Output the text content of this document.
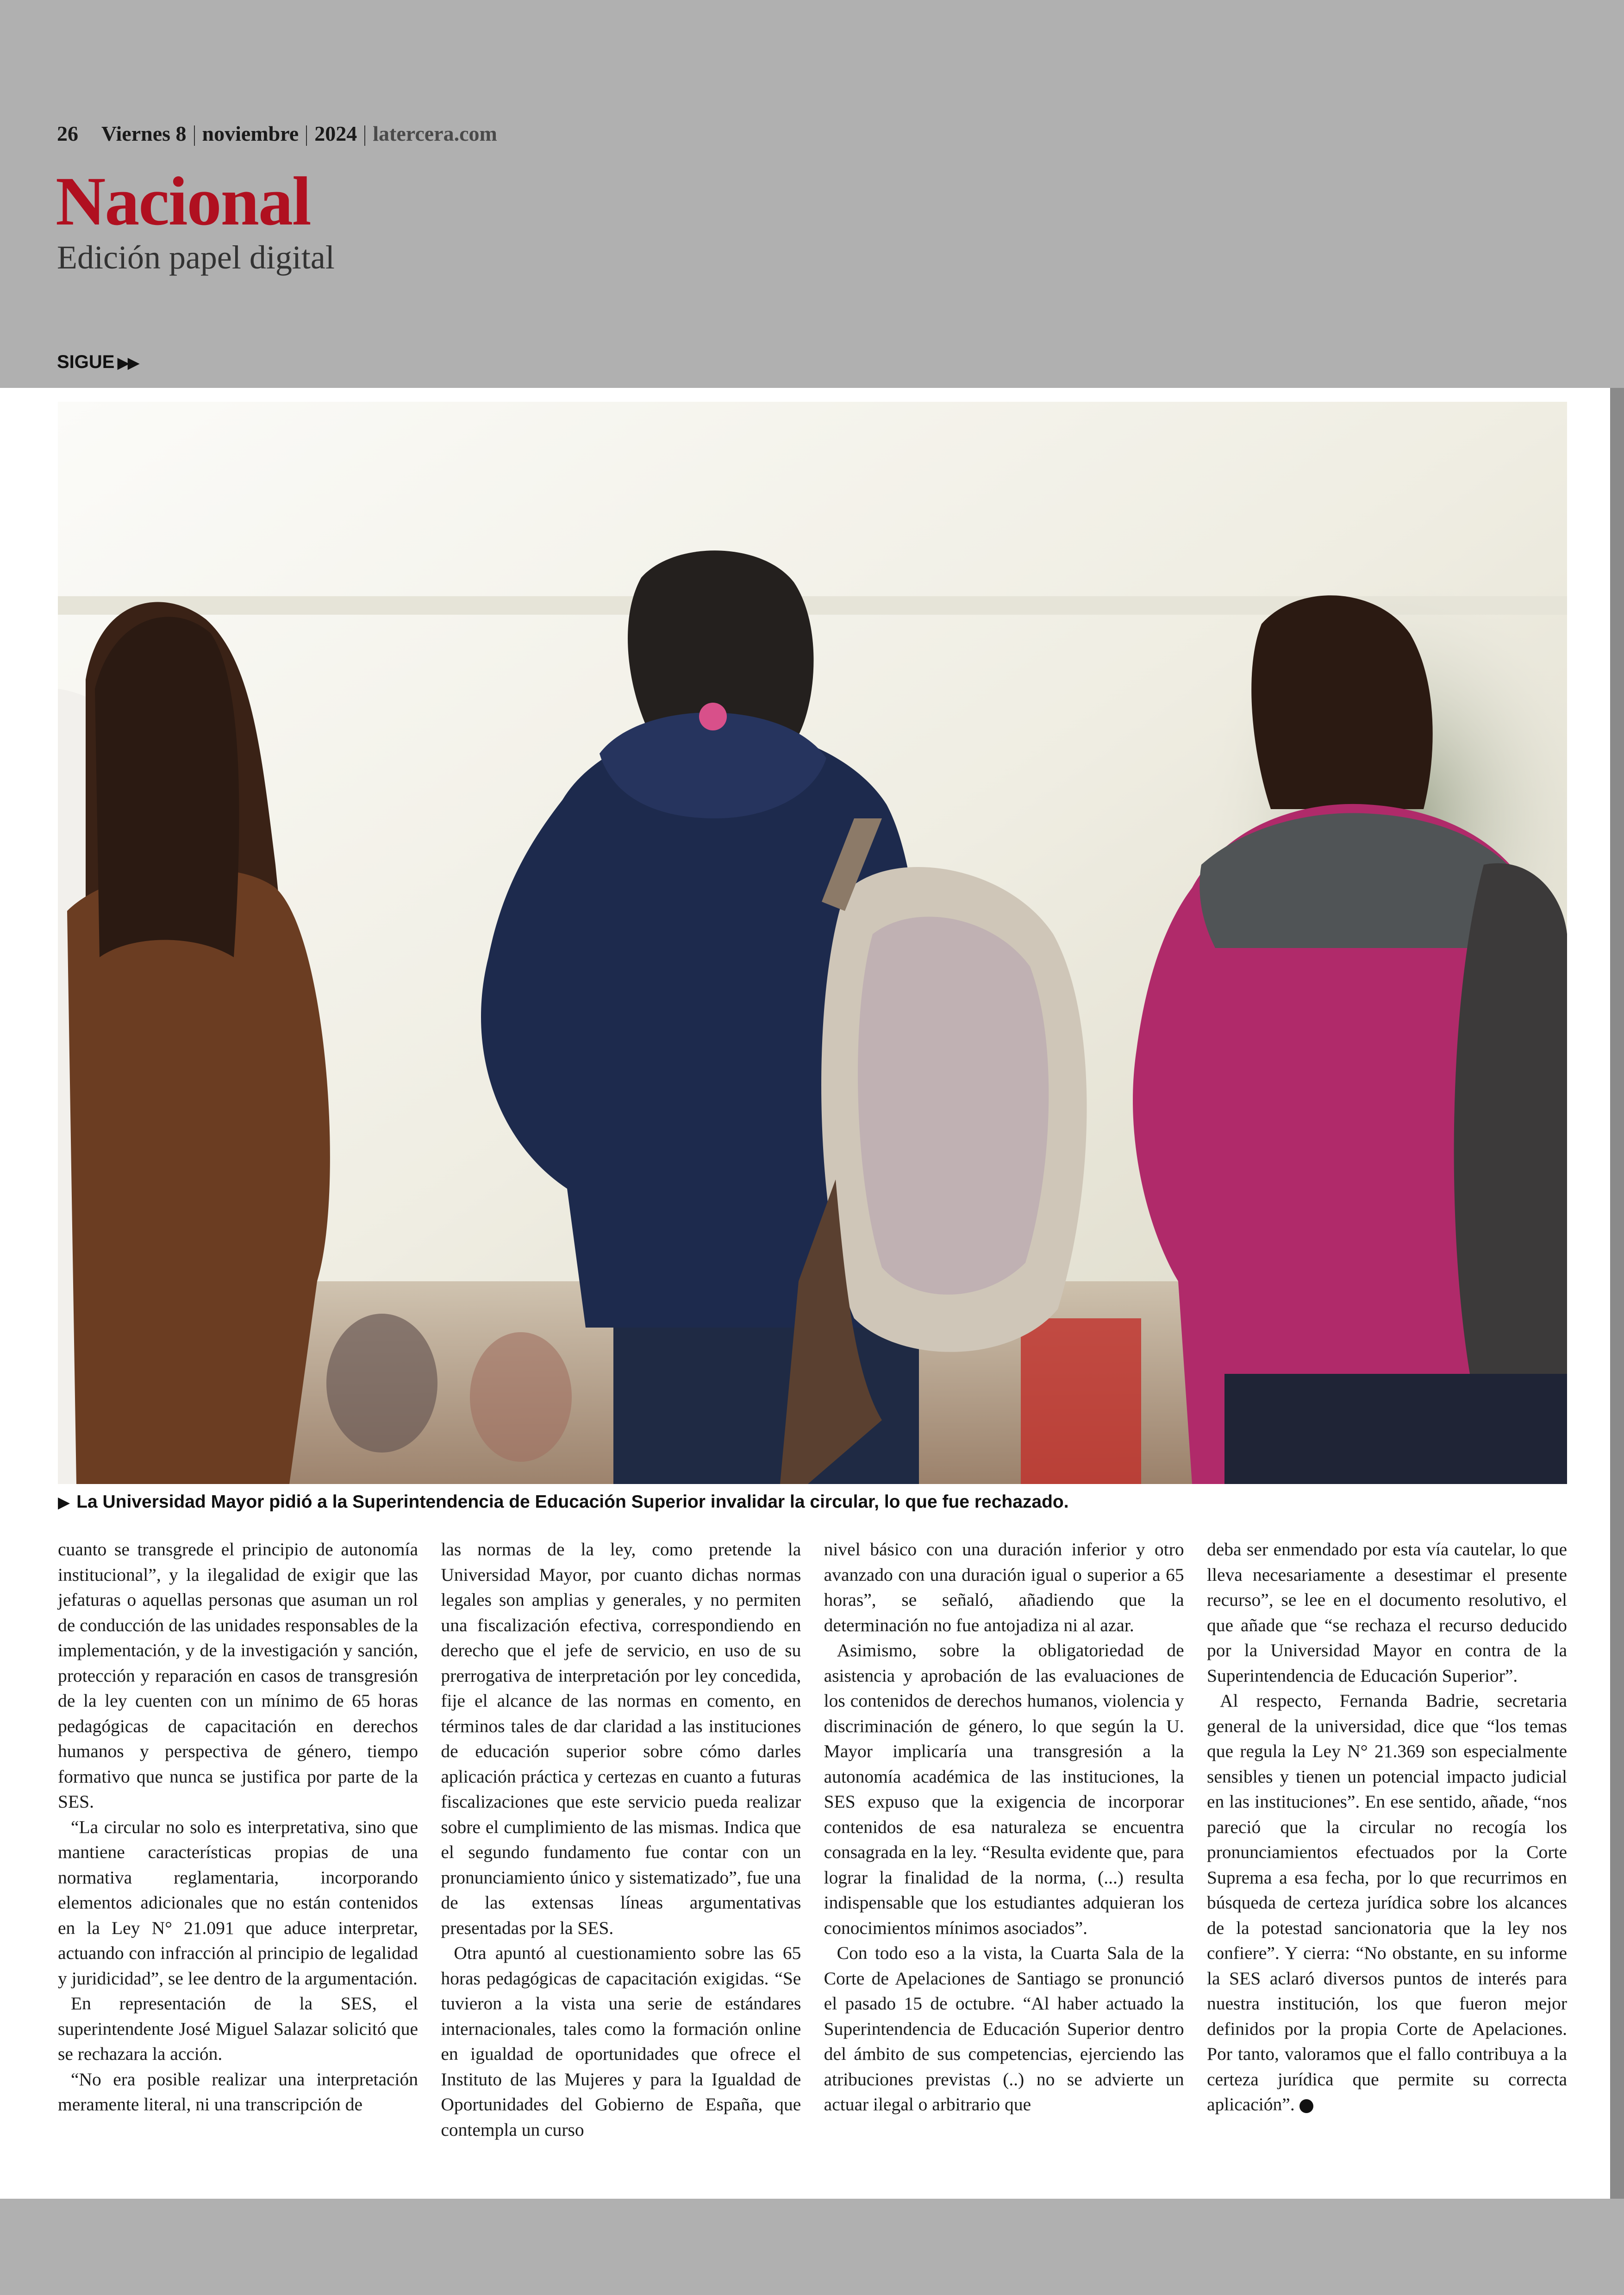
26 Viernes 8 noviembre 2024 latercera.com
Nacional
Edición papel digital
SIGUE ▶▶
▶ La Universidad Mayor pidió a la Superintendencia de Educación Superior invalidar la circular, lo que fue rechazado.

cuanto se transgrede el principio de autonomía institucional”, y la ilegalidad de exigir que las jefaturas o aquellas personas que asuman un rol de conducción de las unidades responsables de la implementación, y de la investigación y sanción, protección y reparación en casos de transgresión de la ley cuenten con un mínimo de 65 horas pedagógicas de capacitación en derechos humanos y perspectiva de género, tiempo formativo que nunca se justifica por parte de la SES.

“La circular no solo es interpretativa, sino que mantiene características propias de una normativa reglamentaria, incorporando elementos adicionales que no están contenidos en la Ley N° 21.091 que aduce interpretar, actuando con infracción al principio de legalidad y juridicidad”, se lee dentro de la argumentación.

En representación de la SES, el superintendente José Miguel Salazar solicitó que se rechazara la acción.

“No era posible realizar una interpretación meramente literal, ni una transcripción de

las normas de la ley, como pretende la Universidad Mayor, por cuanto dichas normas legales son amplias y generales, y no permiten una fiscalización efectiva, correspondiendo en derecho que el jefe de servicio, en uso de su prerrogativa de interpretación por ley concedida, fije el alcance de las normas en comento, en términos tales de dar claridad a las instituciones de educación superior sobre cómo darles aplicación práctica y certezas en cuanto a futuras fiscalizaciones que este servicio pueda realizar sobre el cumplimiento de las mismas. Indica que el segundo fundamento fue contar con un pronunciamiento único y sistematizado”, fue una de las extensas líneas argumentativas presentadas por la SES.

Otra apuntó al cuestionamiento sobre las 65 horas pedagógicas de capacitación exigidas. “Se tuvieron a la vista una serie de estándares internacionales, tales como la formación online en igualdad de oportunidades que ofrece el Instituto de las Mujeres y para la Igualdad de Oportunidades del Gobierno de España, que contempla un curso

nivel básico con una duración inferior y otro avanzado con una duración igual o superior a 65 horas”, se señaló, añadiendo que la determinación no fue antojadiza ni al azar.

Asimismo, sobre la obligatoriedad de asistencia y aprobación de las evaluaciones de los contenidos de derechos humanos, violencia y discriminación de género, lo que según la U. Mayor implicaría una transgresión a la autonomía académica de las instituciones, la SES expuso que la exigencia de incorporar contenidos de esa naturaleza se encuentra consagrada en la ley. “Resulta evidente que, para lograr la finalidad de la norma, (...) resulta indispensable que los estudiantes adquieran los conocimientos mínimos asociados”.

Con todo eso a la vista, la Cuarta Sala de la Corte de Apelaciones de Santiago se pronunció el pasado 15 de octubre. “Al haber actuado la Superintendencia de Educación Superior dentro del ámbito de sus competencias, ejerciendo las atribuciones previstas (..) no se advierte un actuar ilegal o arbitrario que

deba ser enmendado por esta vía cautelar, lo que lleva necesariamente a desestimar el presente recurso”, se lee en el documento resolutivo, el que añade que “se rechaza el recurso deducido por la Universidad Mayor en contra de la Superintendencia de Educación Superior”.

Al respecto, Fernanda Badrie, secretaria general de la universidad, dice que “los temas que regula la Ley N° 21.369 son especialmente sensibles y tienen un potencial impacto judicial en las instituciones”. En ese sentido, añade, “nos pareció que la circular no recogía los pronunciamientos efectuados por la Corte Suprema a esa fecha, por lo que recurrimos en búsqueda de certeza jurídica sobre los alcances de la potestad sancionatoria que la ley nos confiere”. Y cierra: “No obstante, en su informe la SES aclaró diversos puntos de interés para nuestra institución, los que fueron mejor definidos por la propia Corte de Apelaciones. Por tanto, valoramos que el fallo contribuya a la certeza jurídica que permite su correcta aplicación”.
